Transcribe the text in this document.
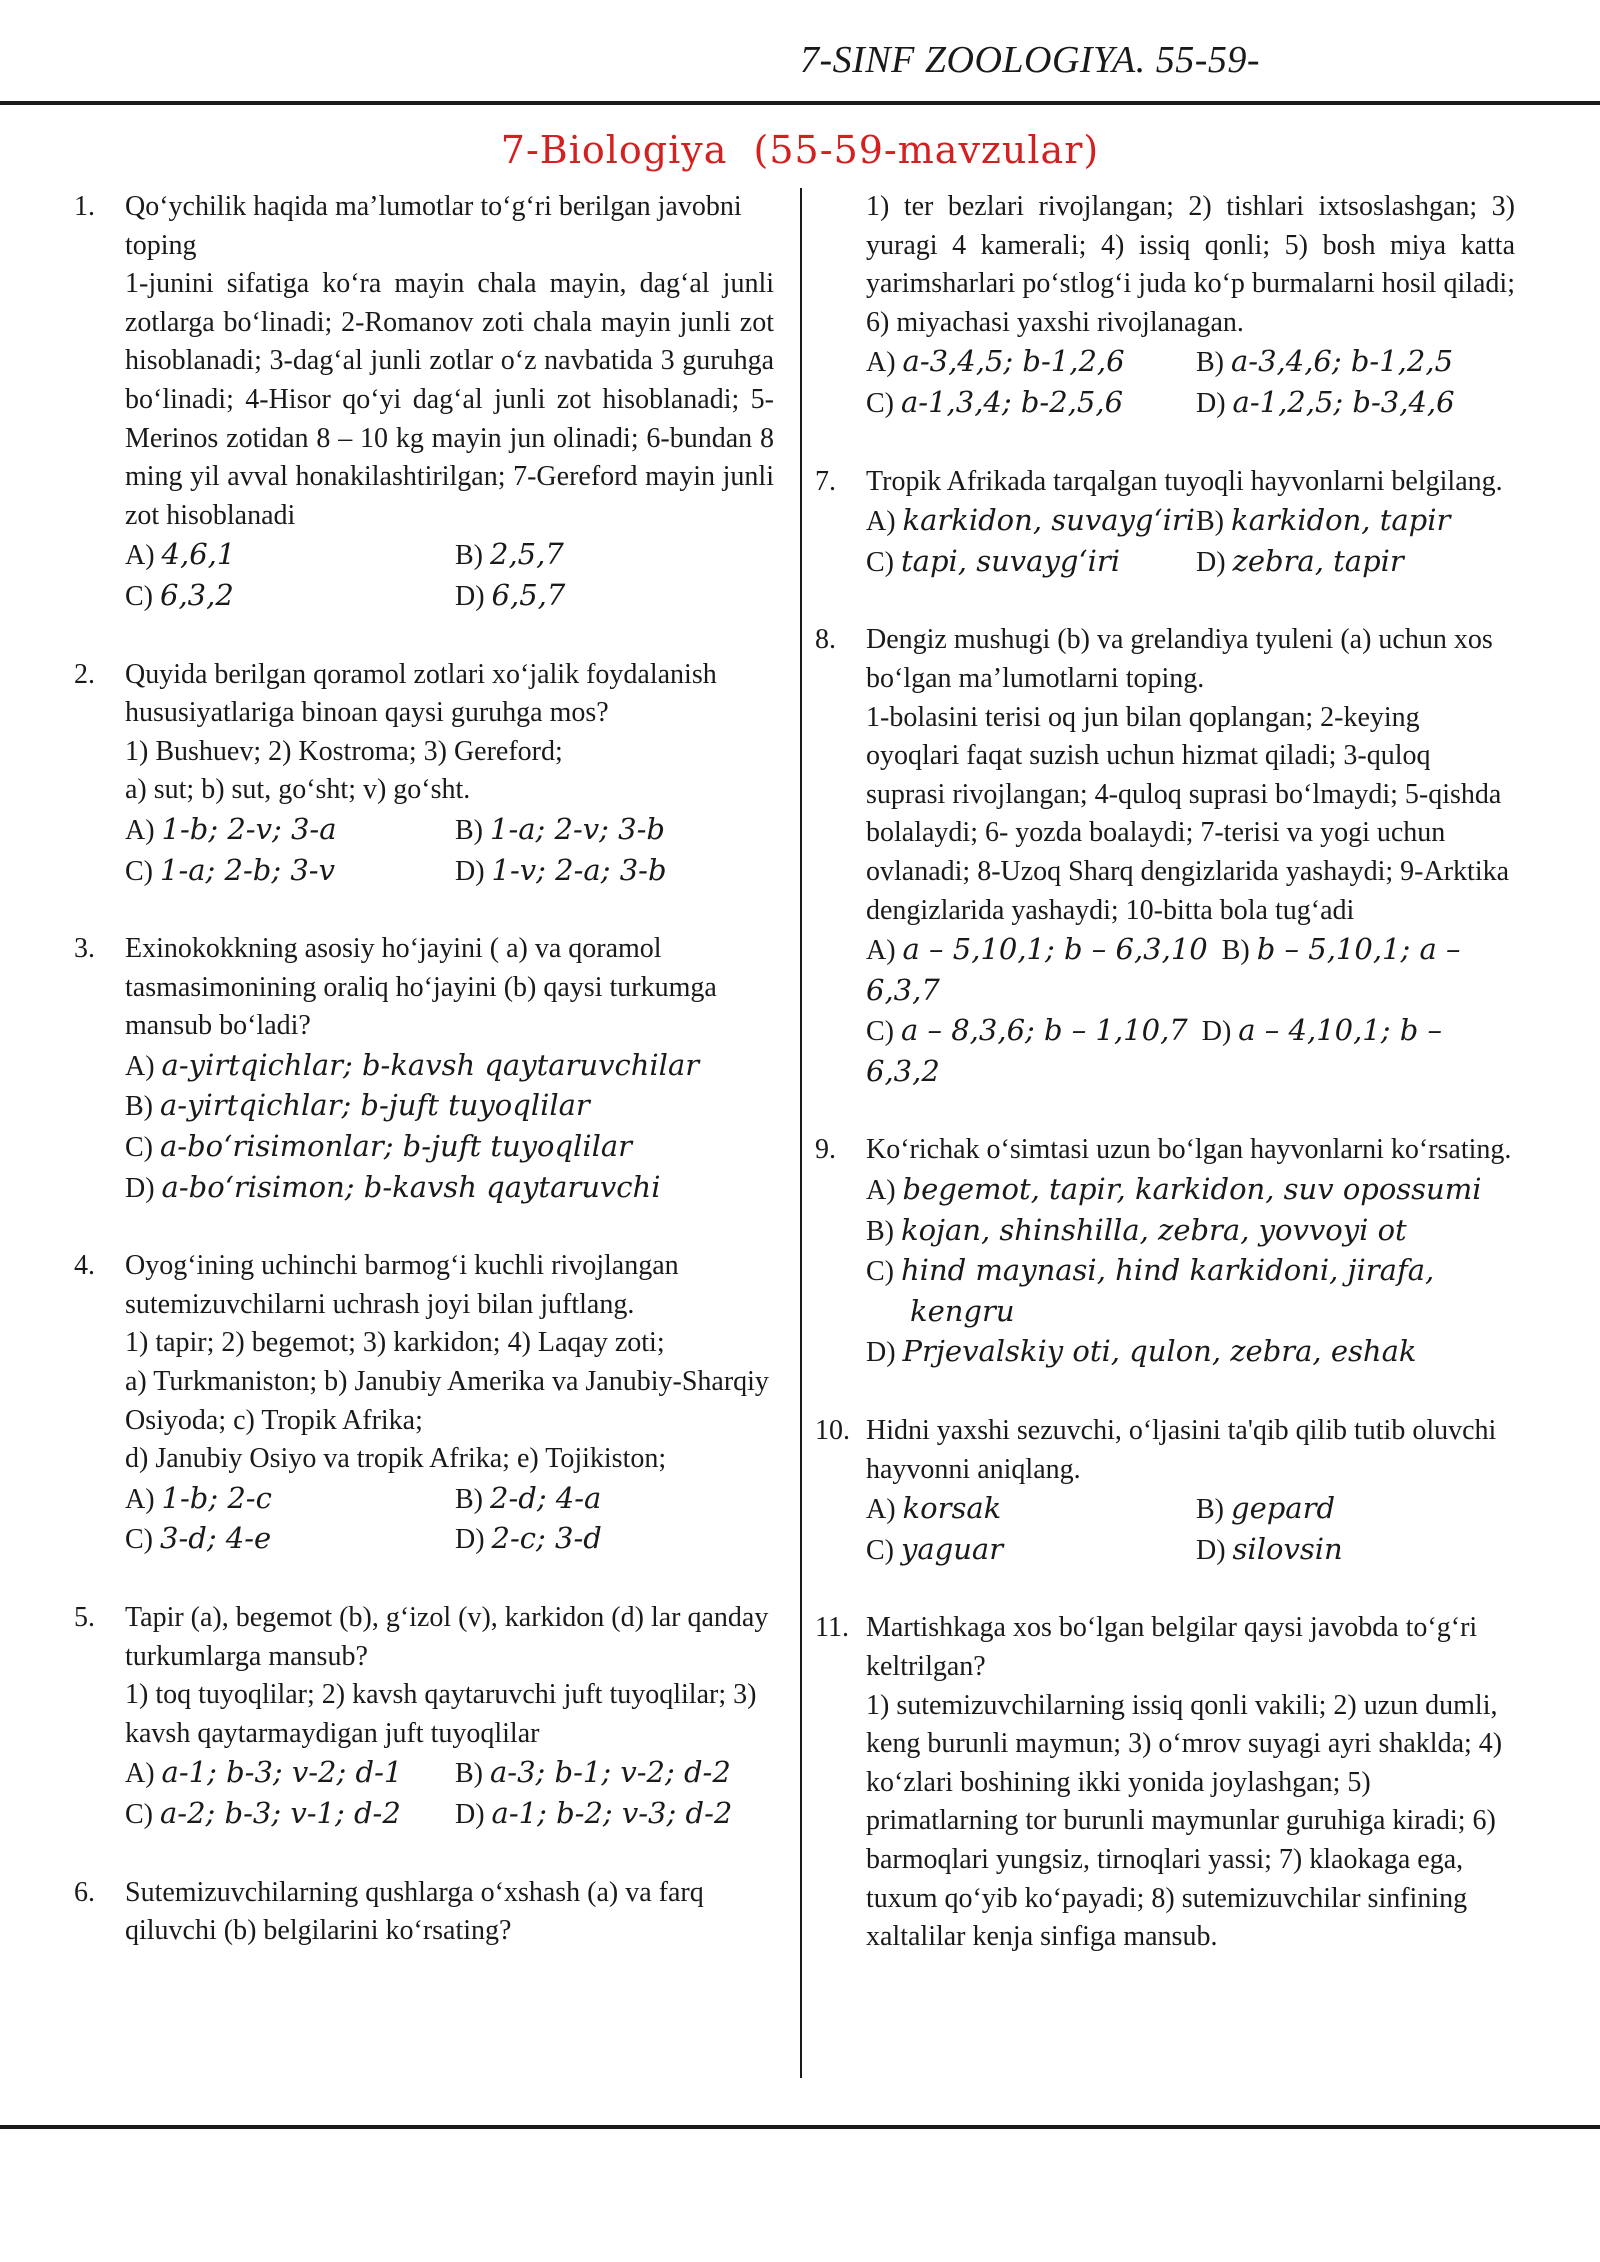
7-SINF ZOOLOGIYA. 55-59-
7-Biologiya  (55-59-mavzular)
1. Qo‘ychilik haqida ma’lumotlar to‘g‘ri berilgan javobni toping
1-junini sifatiga ko‘ra mayin chala mayin, dag‘al junli zotlarga bo‘linadi; 2-Romanov zoti chala mayin junli zot hisoblanadi; 3-dag‘al junli zotlar o‘z navbatida 3 guruhga bo‘linadi; 4-Hisor qo‘yi dag‘al junli zot hisoblanadi; 5-Merinos zotidan 8 – 10 kg mayin jun olinadi; 6-bundan 8 ming yil avval honakilashtirilgan; 7-Gereford mayin junli zot hisoblanadi
A) 4,6,1	B) 2,5,7
C) 6,3,2	D) 6,5,7
2. Quyida berilgan qoramol zotlari xo‘jalik foydalanish hususiyatlariga binoan qaysi guruhga mos?
1) Bushuev; 2) Kostroma; 3) Gereford;
a) sut; b) sut, go‘sht; v) go‘sht.
A) 1-b; 2-v; 3-a	B) 1-a; 2-v; 3-b
C) 1-a; 2-b; 3-v	D) 1-v; 2-a; 3-b
3. Exinokokkning asosiy ho‘jayini ( a) va qoramol tasmasimonining oraliq ho‘jayini (b) qaysi turkumga mansub bo‘ladi?
A) a-yirtqichlar; b-kavsh qaytaruvchilar
B) a-yirtqichlar; b-juft tuyoqlilar
C) a-bo‘risimonlar; b-juft tuyoqlilar
D) a-bo‘risimon; b-kavsh qaytaruvchi
4. Oyog‘ining uchinchi barmog‘i kuchli rivojlangan sutemizuvchilarni uchrash joyi bilan juftlang.
1) tapir; 2) begemot; 3) karkidon; 4) Laqay zoti;
a) Turkmaniston; b) Janubiy Amerika va Janubiy-Sharqiy Osiyoda; c) Tropik Afrika;
d) Janubiy Osiyo va tropik Afrika; e) Tojikiston;
A) 1-b; 2-c	B) 2-d; 4-a
C) 3-d; 4-e	D) 2-c; 3-d
5. Tapir (a), begemot (b), g‘izol (v), karkidon (d) lar qanday turkumlarga mansub?
1) toq tuyoqlilar; 2) kavsh qaytaruvchi juft tuyoqlilar; 3) kavsh qaytarmaydigan juft tuyoqlilar
A) a-1; b-3; v-2; d-1	B) a-3; b-1; v-2; d-2
C) a-2; b-3; v-1; d-2	D) a-1; b-2; v-3; d-2
6. Sutemizuvchilarning qushlarga o‘xshash (a) va farq qiluvchi (b) belgilarini ko‘rsating?
1) ter bezlari rivojlangan; 2) tishlari ixtsoslashgan; 3) yuragi 4 kamerali; 4) issiq qonli; 5) bosh miya katta yarimsharlari po‘stlog‘i juda ko‘p burmalarni hosil qiladi; 6) miyachasi yaxshi rivojlanagan.
A) a-3,4,5; b-1,2,6	B) a-3,4,6; b-1,2,5
C) a-1,3,4; b-2,5,6	D) a-1,2,5; b-3,4,6
7. Tropik Afrikada tarqalgan tuyoqli hayvonlarni belgilang.
A) karkidon, suvayg‘iri B) karkidon, tapir
C) tapi, suvayg‘iri	D) zebra, tapir
8. Dengiz mushugi (b) va grelandiya tyuleni (a) uchun xos bo‘lgan ma’lumotlarni toping.
1-bolasini terisi oq jun bilan qoplangan; 2-keying oyoqlari faqat suzish uchun hizmat qiladi; 3-quloq suprasi rivojlangan; 4-quloq suprasi bo‘lmaydi; 5-qishda bolalaydi; 6- yozda boalaydi; 7-terisi va yogi uchun ovlanadi; 8-Uzoq Sharq dengizlarida yashaydi; 9-Arktika dengizlarida yashaydi; 10-bitta bola tug‘adi
A) a – 5,10,1; b – 6,3,10 B) b – 5,10,1; a – 6,3,7
C) a – 8,3,6; b – 1,10,7 D) a – 4,10,1; b – 6,3,2
9. Ko‘richak o‘simtasi uzun bo‘lgan hayvonlarni ko‘rsating.
A) begemot, tapir, karkidon, suv opossumi
B) kojan, shinshilla, zebra, yovvoyi ot
C) hind maynasi, hind karkidoni, jirafa, kengru
D) Prjevalskiy oti, qulon, zebra, eshak
10. Hidni yaxshi sezuvchi, o‘ljasini ta'qib qilib tutib oluvchi hayvonni aniqlang.
A) korsak	B) gepard
C) yaguar	D) silovsin
11. Martishkaga xos bo‘lgan belgilar qaysi javobda to‘g‘ri keltrilgan?
1) sutemizuvchilarning issiq qonli vakili; 2) uzun dumli, keng burunli maymun; 3) o‘mrov suyagi ayri shaklda; 4) ko‘zlari boshining ikki yonida joylashgan; 5) primatlarning tor burunli maymunlar guruhiga kiradi; 6) barmoqlari yungsiz, tirnoqlari yassi; 7) klaokaga ega, tuxum qo‘yib ko‘payadi; 8) sutemizuvchilar sinfining xaltalilar kenja sinfiga mansub.
